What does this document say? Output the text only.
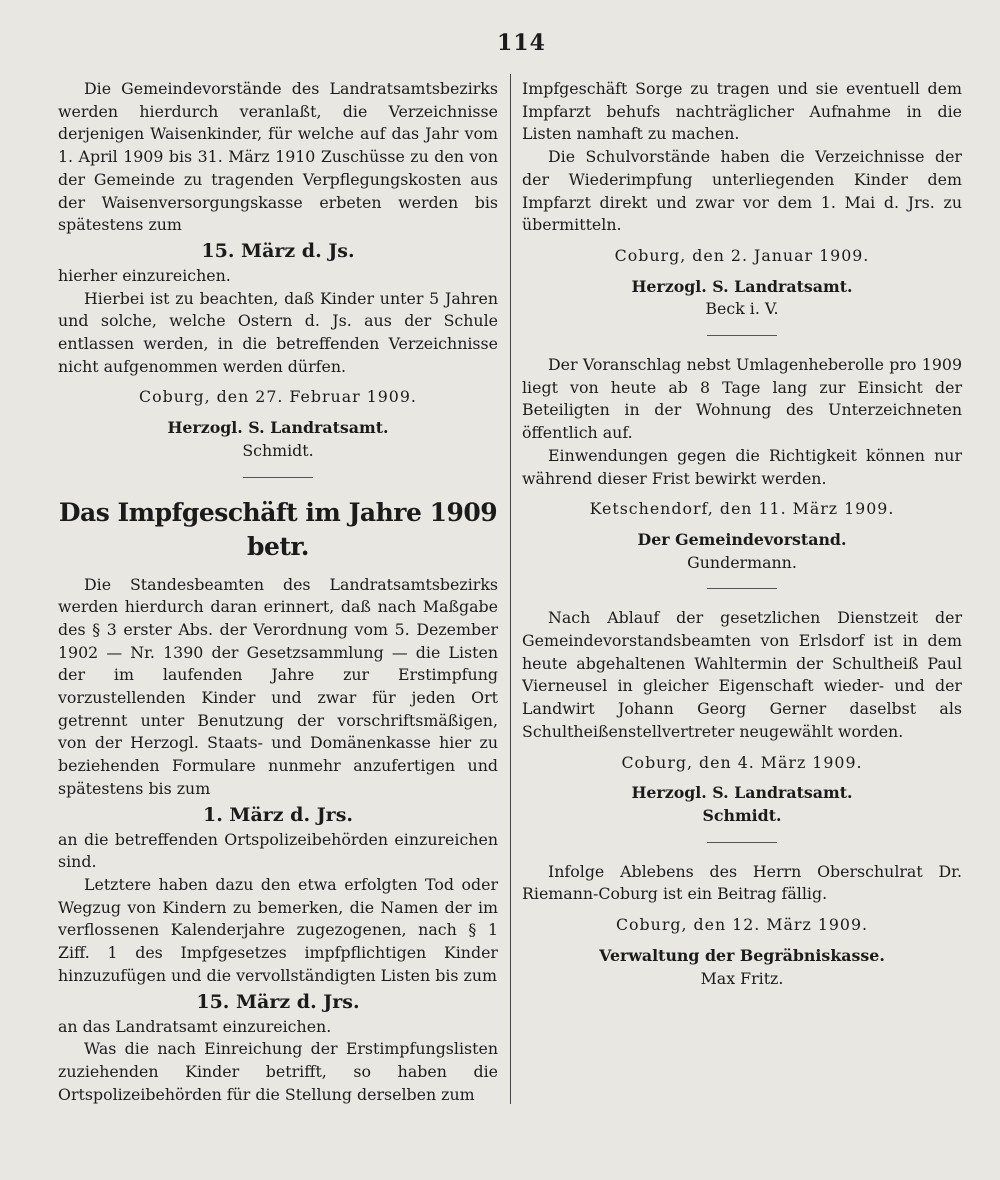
114

Die Gemeindevorstände des Landratsamtsbezirks werden hierdurch veranlaßt, die Verzeichnisse derjenigen Waisenkinder, für welche auf das Jahr vom 1. April 1909 bis 31. März 1910 Zuschüsse zu den von der Gemeinde zu tragenden Verpflegungskosten aus der Waisenversorgungskasse erbeten werden bis spätestens zum

15. März d. Js.

hierher einzureichen.

Hierbei ist zu beachten, daß Kinder unter 5 Jahren und solche, welche Ostern d. Js. aus der Schule entlassen werden, in die betreffenden Verzeichnisse nicht aufgenommen werden dürfen.

Coburg, den 27. Februar 1909.

Herzogl. S. Landratsamt.

Schmidt.

Das Impfgeschäft im Jahre 1909 betr.

Die Standesbeamten des Landratsamtsbezirks werden hierdurch daran erinnert, daß nach Maßgabe des § 3 erster Abs. der Verordnung vom 5. Dezember 1902 — Nr. 1390 der Gesetzsammlung — die Listen der im laufenden Jahre zur Erstimpfung vorzustellenden Kinder und zwar für jeden Ort getrennt unter Benutzung der vorschriftsmäßigen, von der Herzogl. Staats- und Domänenkasse hier zu beziehenden Formulare nunmehr anzufertigen und spätestens bis zum

1. März d. Jrs.

an die betreffenden Ortspolizeibehörden einzureichen sind.

Letztere haben dazu den etwa erfolgten Tod oder Wegzug von Kindern zu bemerken, die Namen der im verflossenen Kalenderjahre zugezogenen, nach § 1 Ziff. 1 des Impfgesetzes impfpflichtigen Kinder hinzuzufügen und die vervollständigten Listen bis zum

15. März d. Jrs.

an das Landratsamt einzureichen.

Was die nach Einreichung der Erstimpfungslisten zuziehenden Kinder betrifft, so haben die Ortspolizeibehörden für die Stellung derselben zum

Impfgeschäft Sorge zu tragen und sie eventuell dem Impfarzt behufs nachträglicher Aufnahme in die Listen namhaft zu machen.

Die Schulvorstände haben die Verzeichnisse der der Wiederimpfung unterliegenden Kinder dem Impfarzt direkt und zwar vor dem 1. Mai d. Jrs. zu übermitteln.

Coburg, den 2. Januar 1909.

Herzogl. S. Landratsamt.

Beck i. V.

Der Voranschlag nebst Umlagenheberolle pro 1909 liegt von heute ab 8 Tage lang zur Einsicht der Beteiligten in der Wohnung des Unterzeichneten öffentlich auf.

Einwendungen gegen die Richtigkeit können nur während dieser Frist bewirkt werden.

Ketschendorf, den 11. März 1909.

Der Gemeindevorstand.

Gundermann.

Nach Ablauf der gesetzlichen Dienstzeit der Gemeindevorstandsbeamten von Erlsdorf ist in dem heute abgehaltenen Wahltermin der Schultheiß Paul Vierneusel in gleicher Eigenschaft wieder- und der Landwirt Johann Georg Gerner daselbst als Schultheißenstellvertreter neugewählt worden.

Coburg, den 4. März 1909.

Herzogl. S. Landratsamt.

Schmidt.

Infolge Ablebens des Herrn Oberschulrat Dr. Riemann-Coburg ist ein Beitrag fällig.

Coburg, den 12. März 1909.

Verwaltung der Begräbniskasse.

Max Fritz.
